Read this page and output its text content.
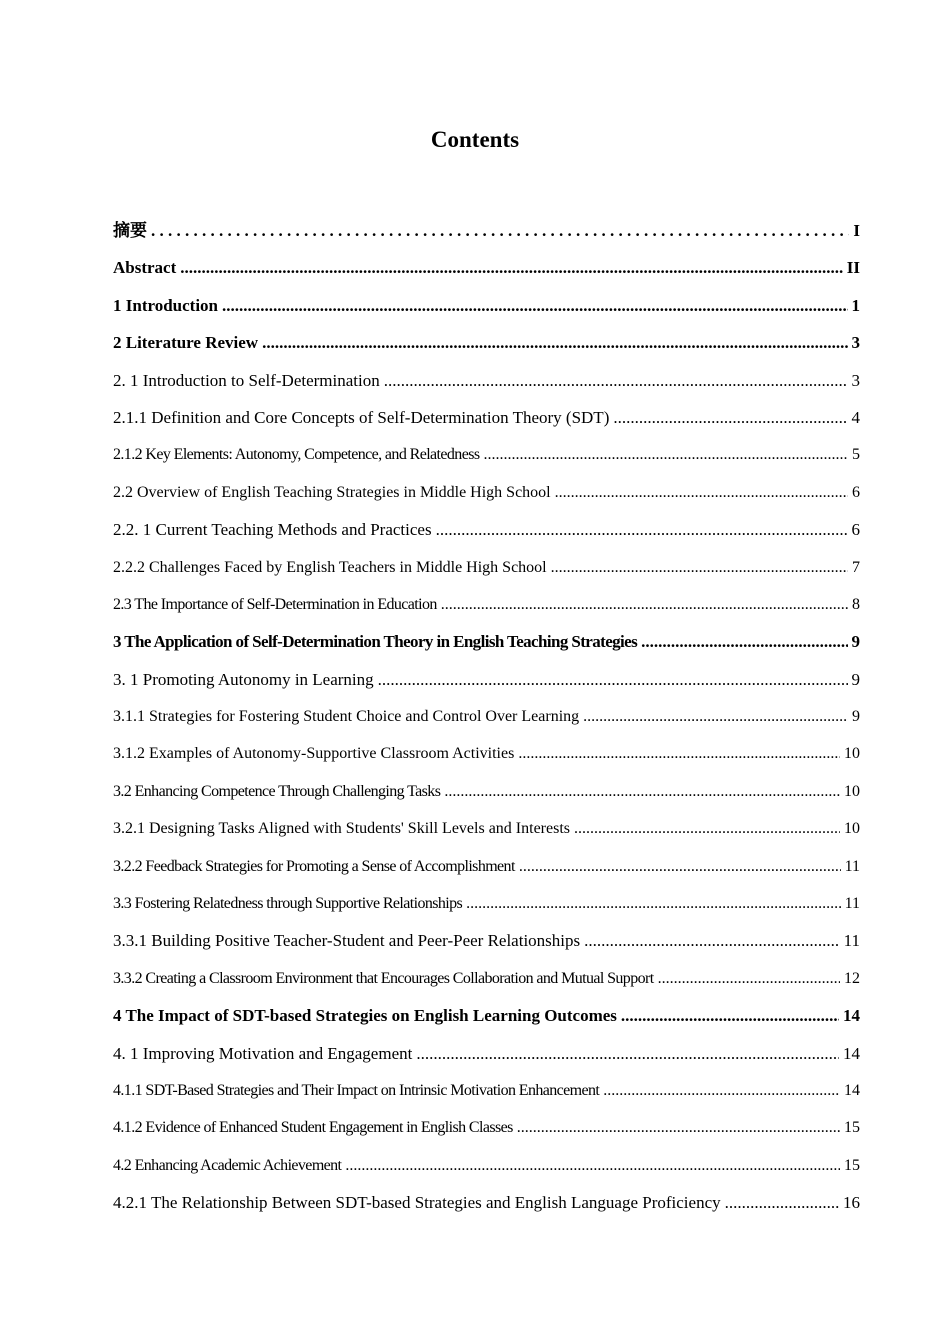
Contents
摘要 . . .	I
Abstract .....	II
1 Introduction .....	1
2 Literature Review .....	3
2. 1 Introduction to Self-Determination .....	3
2.1.1 Definition and Core Concepts of Self-Determination Theory (SDT) .....	4
2.1.2 Key Elements: Autonomy, Competence, and Relatedness .....	5
2.2 Overview of English Teaching Strategies in Middle High School .....	6
2.2. 1 Current Teaching Methods and Practices .....	6
2.2.2 Challenges Faced by English Teachers in Middle High School .....	7
2.3 The Importance of Self-Determination in Education .....	8
3 The Application of Self-Determination Theory in English Teaching Strategies .....	9
3. 1 Promoting Autonomy in Learning .....	9
3.1.1 Strategies for Fostering Student Choice and Control Over Learning .....	9
3.1.2 Examples of Autonomy-Supportive Classroom Activities .....	10
3.2 Enhancing Competence Through Challenging Tasks .....	10
3.2.1 Designing Tasks Aligned with Students' Skill Levels and Interests .....	10
3.2.2 Feedback Strategies for Promoting a Sense of Accomplishment .....	11
3.3 Fostering Relatedness through Supportive Relationships .....	11
3.3.1 Building Positive Teacher-Student and Peer-Peer Relationships .....	11
3.3.2 Creating a Classroom Environment that Encourages Collaboration and Mutual Support .....	12
4 The Impact of SDT-based Strategies on English Learning Outcomes .....	14
4. 1 Improving Motivation and Engagement .....	14
4.1.1 SDT-Based Strategies and Their Impact on Intrinsic Motivation Enhancement .....	14
4.1.2 Evidence of Enhanced Student Engagement in English Classes .....	15
4.2 Enhancing Academic Achievement .....	15
4.2.1 The Relationship Between SDT-based Strategies and English Language Proficiency .....	16
